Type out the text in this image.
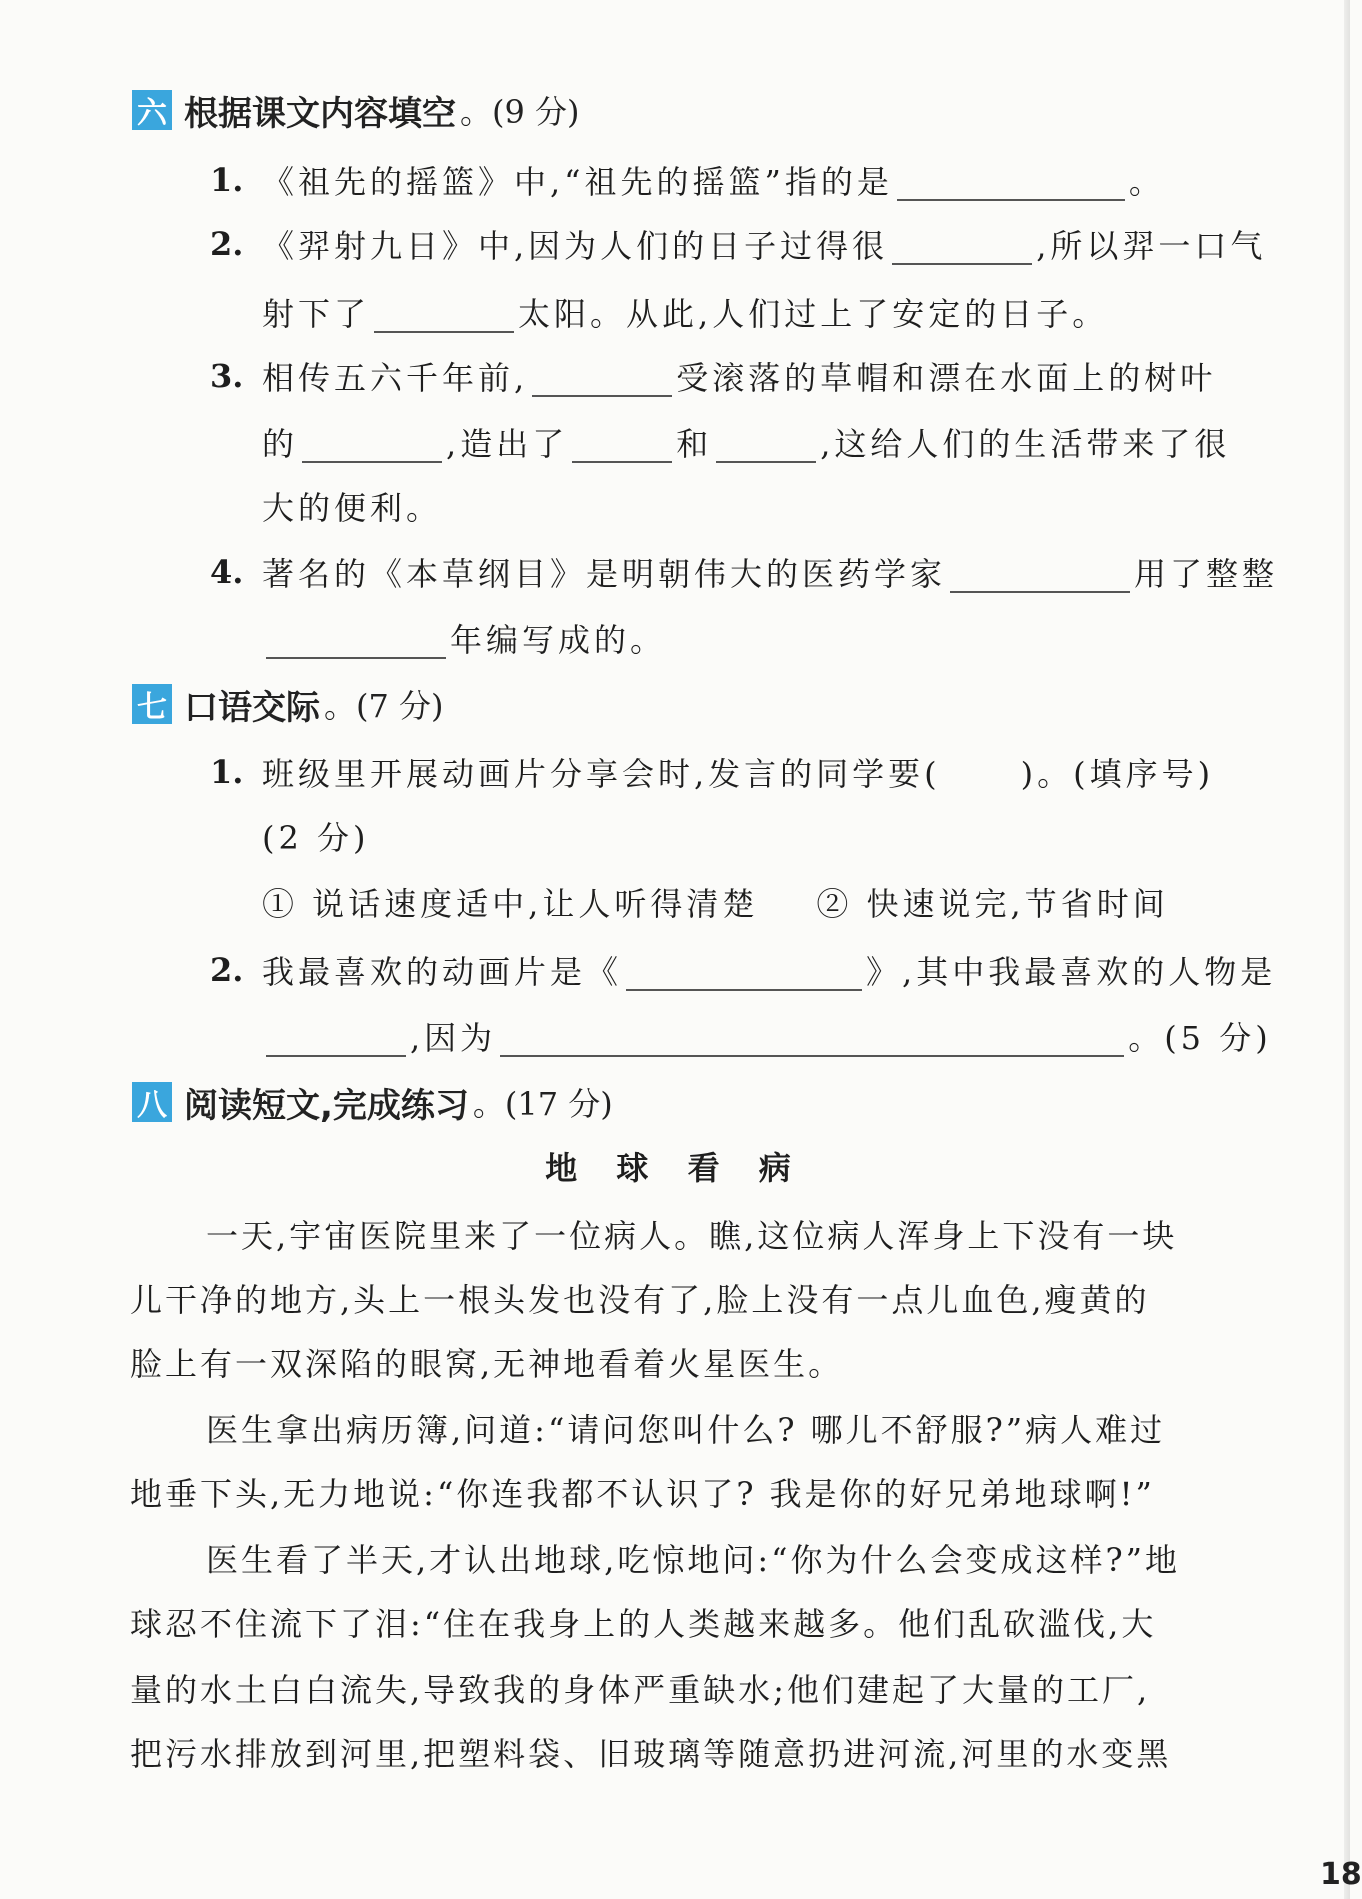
六 根据课文内容填空 。(9 分)
1. 《祖先的摇篮》中,“祖先的摇篮”指的是	。
2. 《羿射九日》中,因为人们的日子过得很	,所以羿一口气
射下了	太阳。从此,人们过上了安定的日子。
3. 相传五六千年前,	受滚落的草帽和漂在水面上的树叶
的	,造出了	和	,这给人们的生活带来了很
大的便利。
4. 著名的《本草纲目》是明朝伟大的医药学家	用了整整
年编写成的。
七 口语交际 。(7 分)
1. 班级里开展动画片分享会时,发言的同学要(	)。(填序号)
(2 分)
① 说话速度适中,让人听得清楚 ② 快速说完,节省时间
2. 我最喜欢的动画片是《	》,其中我最喜欢的人物是
,因为	。(5 分)
八 阅读短文,完成练习 。(17 分)
地 球 看 病
一天,宇宙医院里来了一位病人。瞧,这位病人浑身上下没有一块
儿干净的地方,头上一根头发也没有了,脸上没有一点儿血色,瘦黄的
脸上有一双深陷的眼窝,无神地看着火星医生。
医生拿出病历簿,问道:“请问您叫什么? 哪儿不舒服?”病人难过
地垂下头,无力地说:“你连我都不认识了? 我是你的好兄弟地球啊!”
医生看了半天,才认出地球,吃惊地问:“你为什么会变成这样?”地
球忍不住流下了泪:“住在我身上的人类越来越多。他们乱砍滥伐,大
量的水土白白流失,导致我的身体严重缺水;他们建起了大量的工厂,
把污水排放到河里,把塑料袋、旧玻璃等随意扔进河流,河里的水变黑
18
